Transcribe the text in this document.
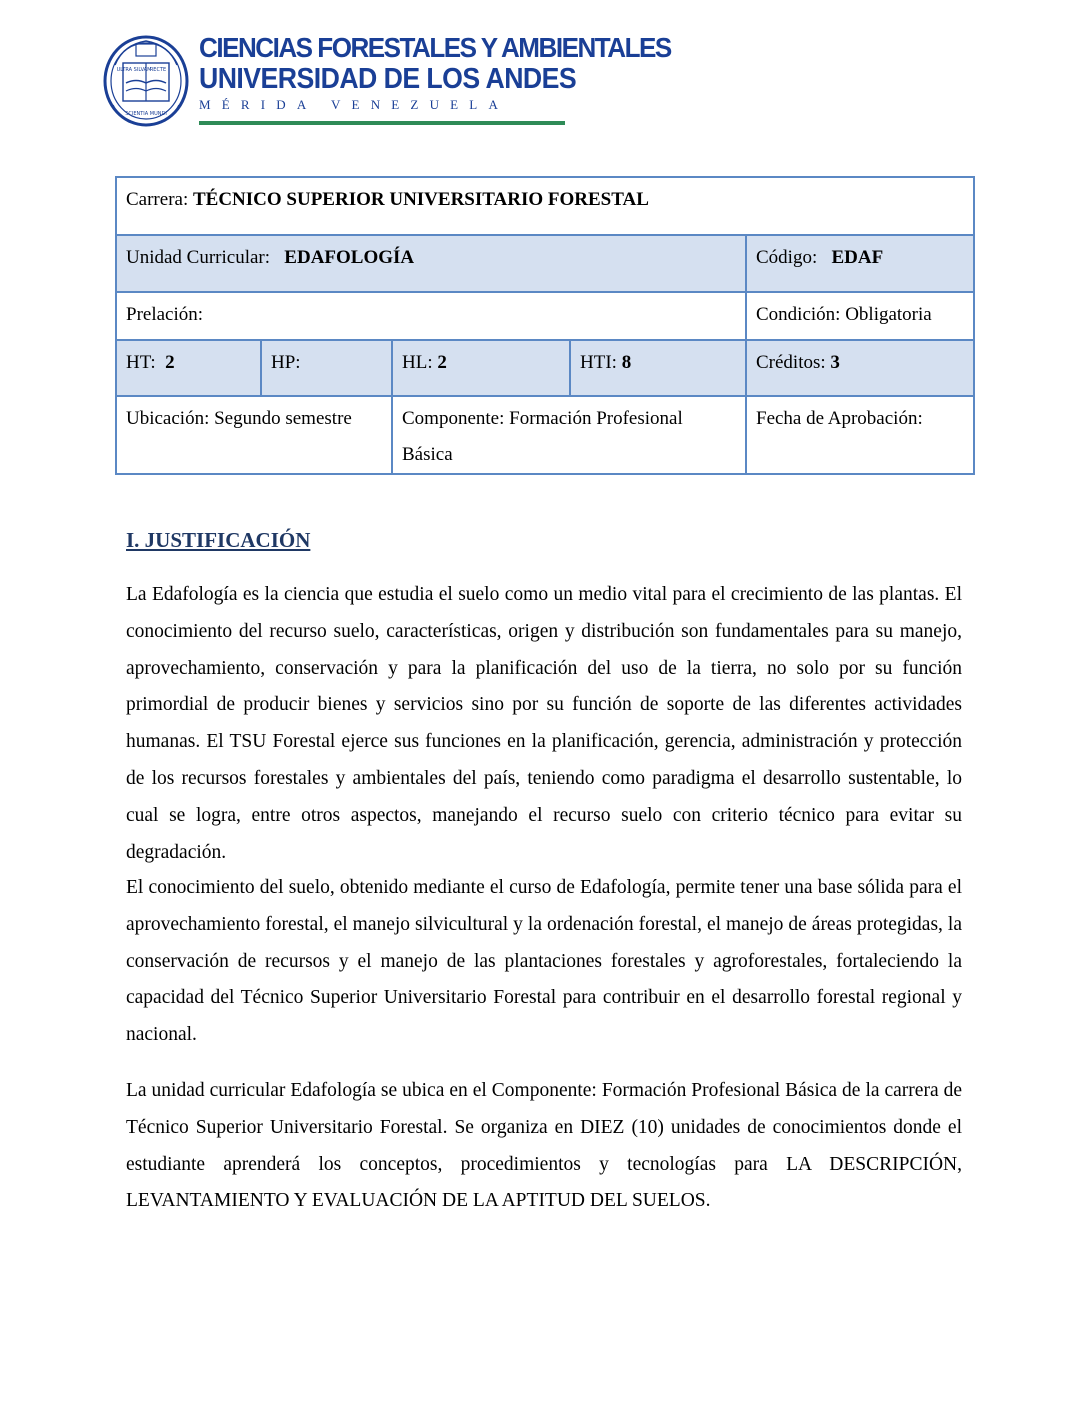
ULTRA SILVAM
RECTE
SCIENTIA MUNDI
CIENCIAS FORESTALES Y AMBIENTALES
UNIVERSIDAD DE LOS ANDES
MÉRIDA VENEZUELA
Carrera: TÉCNICO SUPERIOR UNIVERSITARIO FORESTAL				
Unidad Curricular: EDAFOLOGÍA				Código: EDAF
Prelación:				Condición: Obligatoria
HT: 2	HP:	HL: 2	HTI: 8	Créditos: 3
Ubicación: Segundo semestre		Componente: Formación Profesional Básica		Fecha de Aprobación:
I. JUSTIFICACIÓN

La Edafología es la ciencia que estudia el suelo como un medio vital para el crecimiento de las plantas. El conocimiento del recurso suelo, características, origen y distribución son fundamentales para su manejo, aprovechamiento, conservación y para la planificación del uso de la tierra, no solo por su función primordial de producir bienes y servicios sino por su función de soporte de las diferentes actividades humanas. El TSU Forestal ejerce sus funciones en la planificación, gerencia, administración y protección de los recursos forestales y ambientales del país, teniendo como paradigma el desarrollo sustentable, lo cual se logra, entre otros aspectos, manejando el recurso suelo con criterio técnico para evitar su degradación.

El conocimiento del suelo, obtenido mediante el curso de Edafología, permite tener una base sólida para el aprovechamiento forestal, el manejo silvicultural y la ordenación forestal, el manejo de áreas protegidas, la conservación de recursos y el manejo de las plantaciones forestales y agroforestales, fortaleciendo la capacidad del Técnico Superior Universitario Forestal para contribuir en el desarrollo forestal regional y nacional.

La unidad curricular Edafología se ubica en el Componente: Formación Profesional Básica de la carrera de Técnico Superior Universitario Forestal. Se organiza en DIEZ (10) unidades de conocimientos donde el estudiante aprenderá los conceptos, procedimientos y tecnologías para LA DESCRIPCIÓN, LEVANTAMIENTO Y EVALUACIÓN DE LA APTITUD DEL SUELOS.
